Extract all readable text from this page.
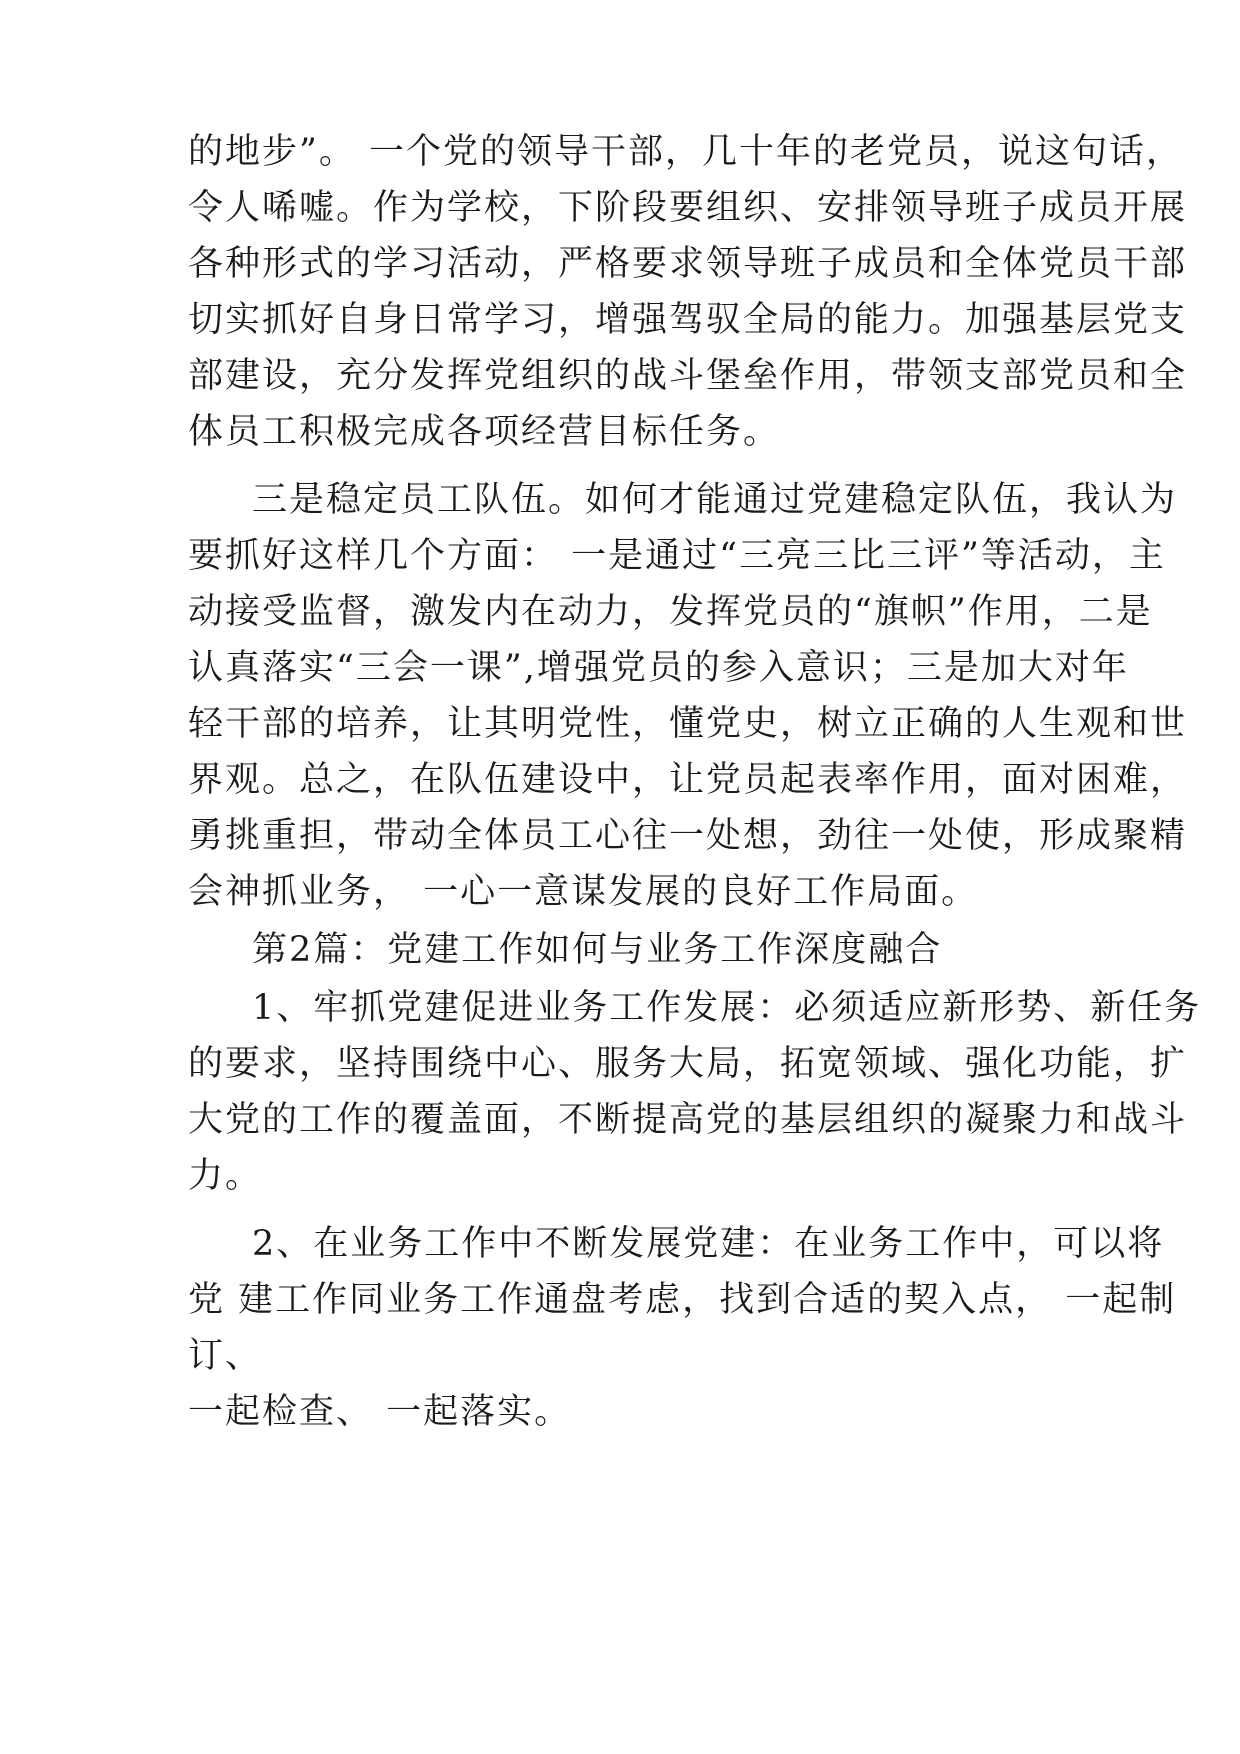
的地步”。 一个党的领导干部，几十年的老党员，说这句话，
令人唏嘘。作为学校，下阶段要组织、安排领导班子成员开展
各种形式的学习活动，严格要求领导班子成员和全体党员干部
切实抓好自身日常学习，增强驾驭全局的能力。加强基层党支
部建设，充分发挥党组织的战斗堡垒作用，带领支部党员和全
体员工积极完成各项经营目标任务。
三是稳定员工队伍。如何才能通过党建稳定队伍，我认为
要抓好这样几个方面： 一是通过“三亮三比三评”等活动，主
动接受监督，激发内在动力，发挥党员的“旗帜”作用，二是
认真落实“三会一课”,增强党员的参入意识；三是加大对年
轻干部的培养，让其明党性，懂党史，树立正确的人生观和世
界观。总之，在队伍建设中，让党员起表率作用，面对困难，
勇挑重担，带动全体员工心往一处想，劲往一处使，形成聚精
会神抓业务， 一心一意谋发展的良好工作局面。
第2篇：党建工作如何与业务工作深度融合
1、牢抓党建促进业务工作发展：必须适应新形势、新任务
的要求，坚持围绕中心、服务大局，拓宽领域、强化功能，扩
大党的工作的覆盖面，不断提高党的基层组织的凝聚力和战斗
力。
2、在业务工作中不断发展党建：在业务工作中，可以将
党 建工作同业务工作通盘考虑，找到合适的契入点， 一起制
订、
一起检查、 一起落实。
